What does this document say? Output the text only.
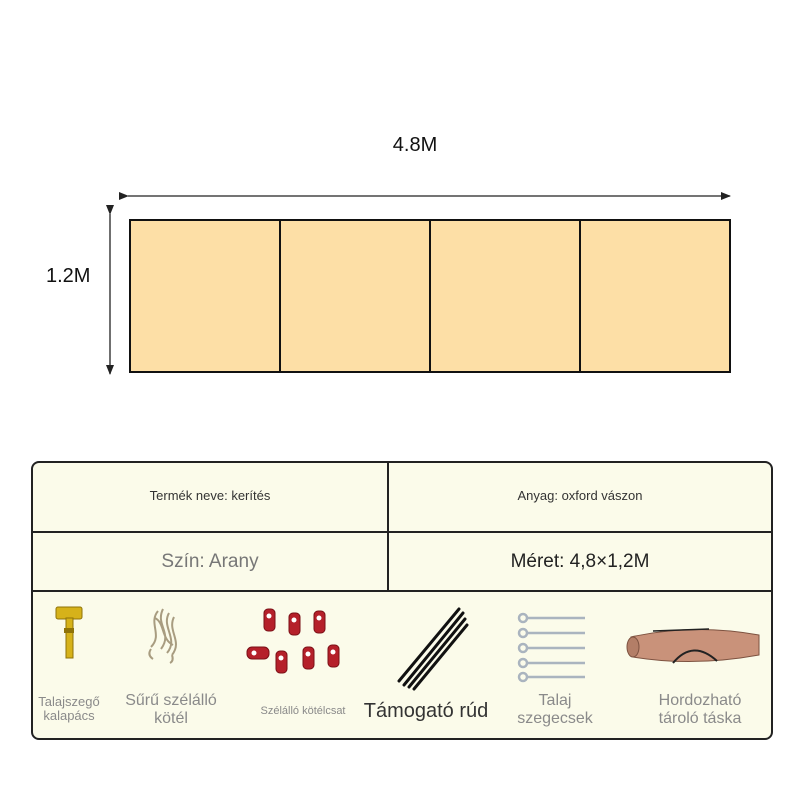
4.8M
1.2M
Termék neve: kerítés	Anyag: oxford vászon
Szín: Arany	Méret: 4,8×1,2M
Talajszegő kalapács
Sűrű szélálló kötél	Szélálló kötélcsat Támogató rúd	Talaj szegecsek
Hordozható tároló táska
